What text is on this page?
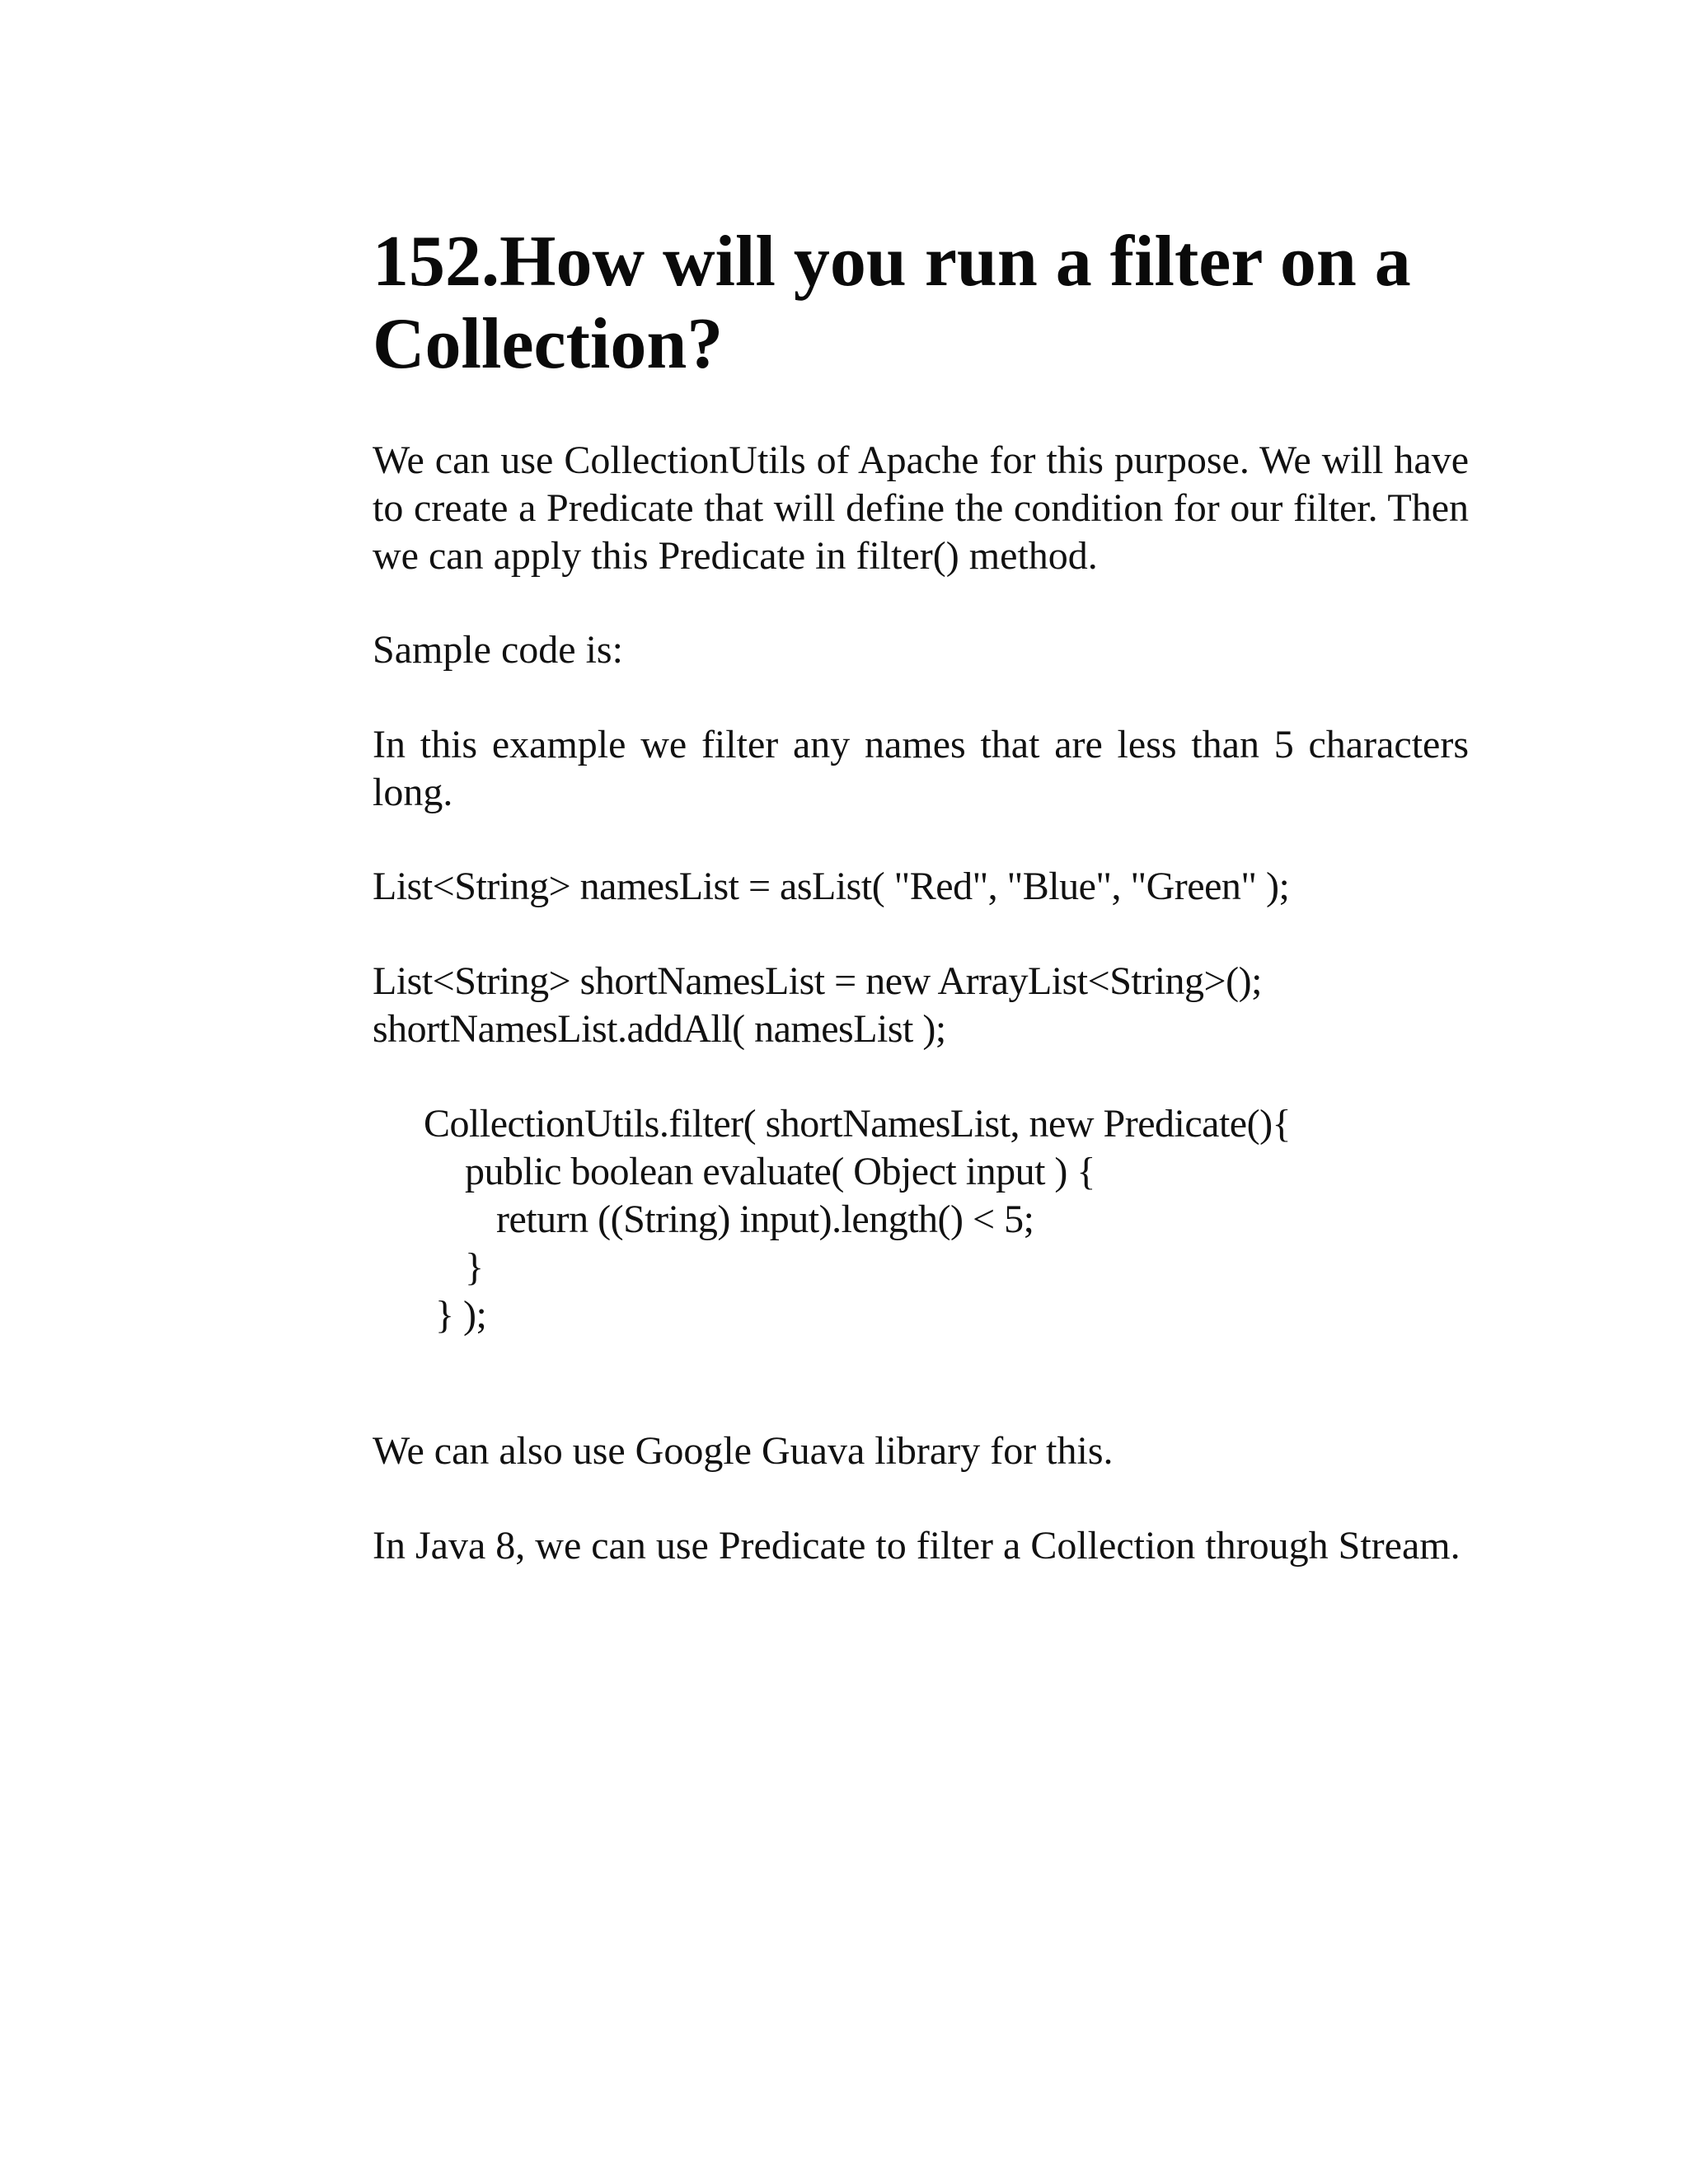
152.How will you run a filter on a Collection?

We can use CollectionUtils of Apache for this purpose. We will have to create a Predicate that will define the condition for our filter. Then we can apply this Predicate in filter() method.

Sample code is:

In this example we filter any names that are less than 5 characters long.

List<String> namesList = asList( "Red", "Blue", "Green" );

List<String> shortNamesList = new ArrayList<String>();

shortNamesList.addAll( namesList );

CollectionUtils.filter( shortNamesList, new Predicate(){

public boolean evaluate( Object input ) {

return ((String) input).length() < 5;

}

} );

We can also use Google Guava library for this.

In Java 8, we can use Predicate to filter a Collection through Stream.
